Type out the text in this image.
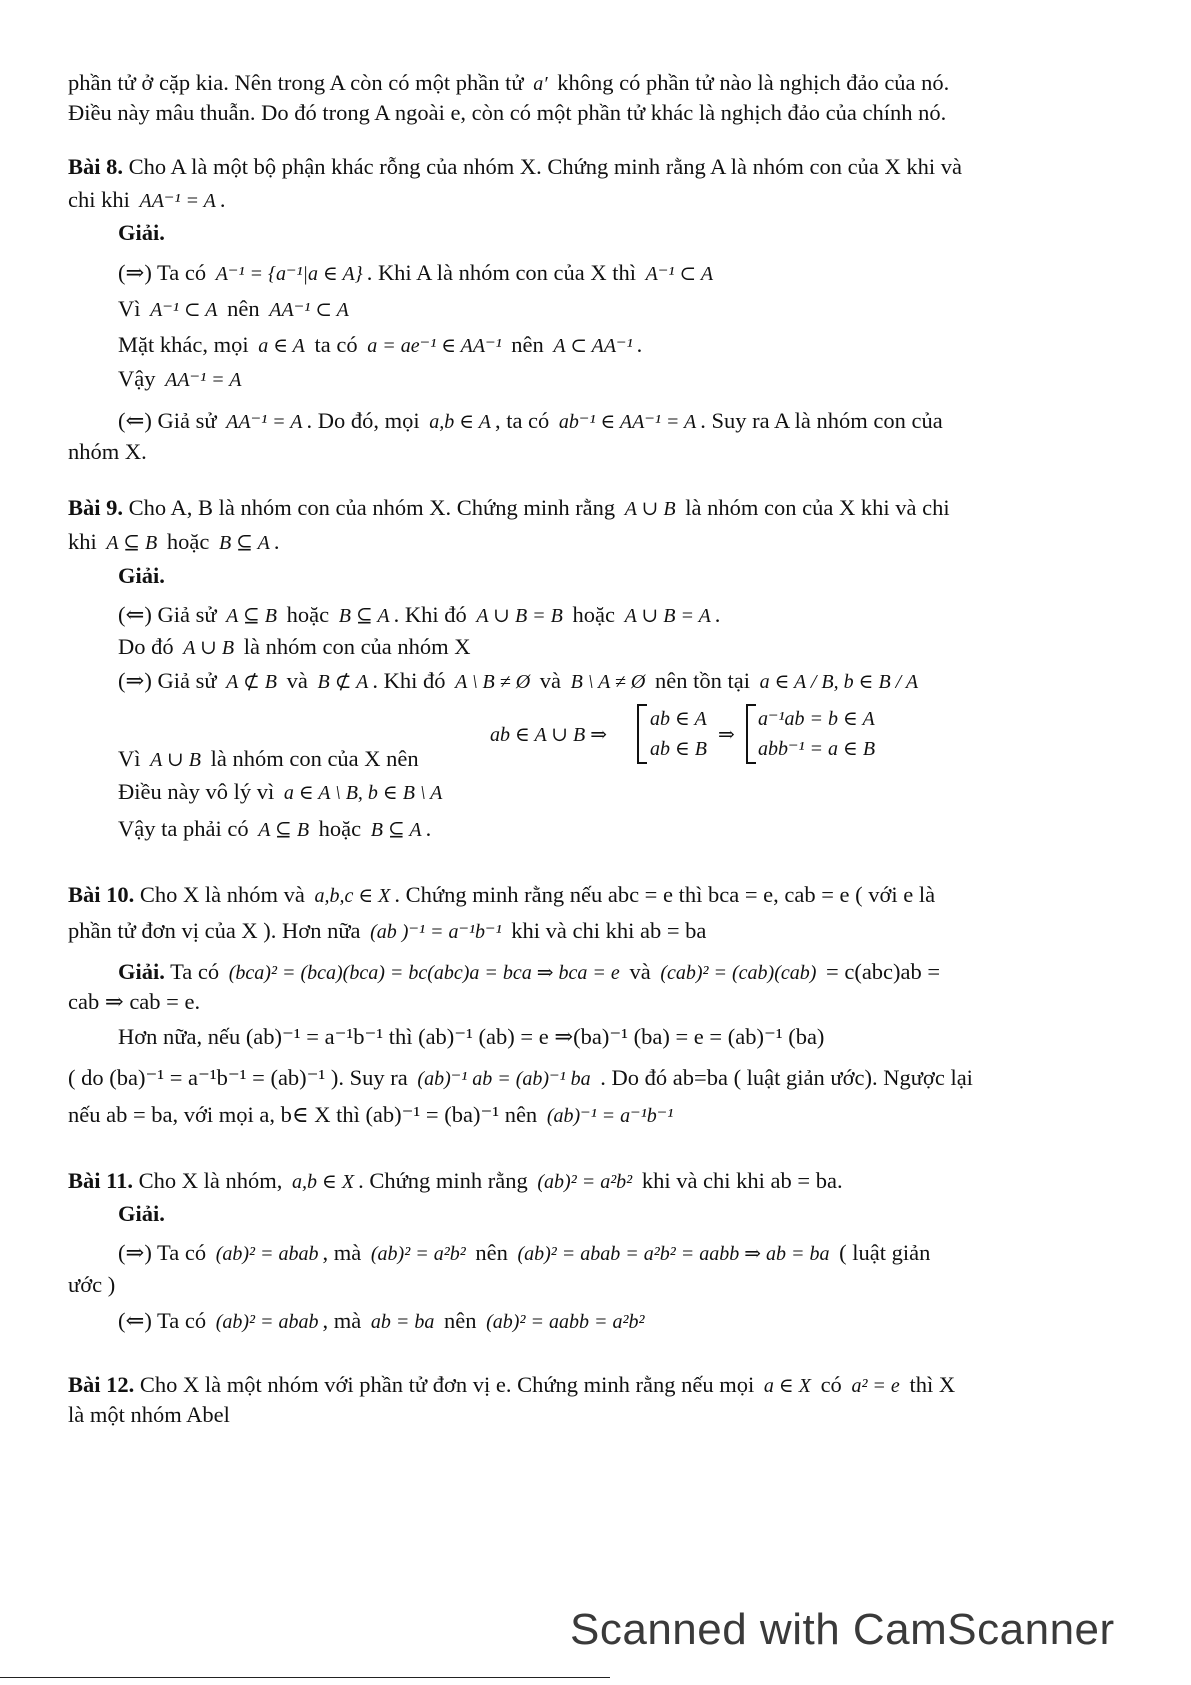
phần tử ở cặp kia. Nên trong A còn có một phần tử a′ không có phần tử nào là nghịch đảo của nó.
Điều này mâu thuẫn. Do đó trong A ngoài e, còn có một phần tử khác là nghịch đảo của chính nó.
Bài 8. Cho A là một bộ phận khác rỗng của nhóm X. Chứng minh rằng A là nhóm con của X khi và
chi khi AA⁻¹ = A .
Giải.
(⇒) Ta có A⁻¹ = {a⁻¹|a ∈ A} . Khi A là nhóm con của X thì A⁻¹ ⊂ A
Vì A⁻¹ ⊂ A nên AA⁻¹ ⊂ A
Mặt khác, mọi a ∈ A ta có a = ae⁻¹ ∈ AA⁻¹ nên A ⊂ AA⁻¹ .
Vậy AA⁻¹ = A
(⇐) Giả sử AA⁻¹ = A . Do đó, mọi a,b ∈ A , ta có ab⁻¹ ∈ AA⁻¹ = A . Suy ra A là nhóm con của
nhóm X.
Bài 9. Cho A, B là nhóm con của nhóm X. Chứng minh rằng A ∪ B là nhóm con của X khi và chi
khi A ⊆ B hoặc B ⊆ A .
Giải.
(⇐) Giả sử A ⊆ B hoặc B ⊆ A . Khi đó A ∪ B = B hoặc A ∪ B = A .
Do đó A ∪ B là nhóm con của nhóm X
(⇒) Giả sử A ⊄ B và B ⊄ A . Khi đó A \ B ≠ Ø và B \ A ≠ Ø nên tồn tại a ∈ A / B, b ∈ B / A
ab ∈ A ∪ B ⇒
ab ∈ A
ab ∈ B
⇒
a⁻¹ab = b ∈ A
abb⁻¹ = a ∈ B
Vì A ∪ B là nhóm con của X nên
Điều này vô lý vì a ∈ A \ B, b ∈ B \ A
Vậy ta phải có A ⊆ B hoặc B ⊆ A .
Bài 10. Cho X là nhóm và a,b,c ∈ X . Chứng minh rằng nếu abc = e thì bca = e, cab = e ( với e là
phần tử đơn vị của X ). Hơn nữa (ab )⁻¹ = a⁻¹b⁻¹ khi và chi khi ab = ba
Giải. Ta có (bca)² = (bca)(bca) = bc(abc)a = bca ⇒ bca = e và (cab)² = (cab)(cab) = c(abc)ab =
cab ⇒ cab = e.
Hơn nữa, nếu (ab)⁻¹ = a⁻¹b⁻¹ thì (ab)⁻¹ (ab) = e ⇒(ba)⁻¹ (ba) = e = (ab)⁻¹ (ba)
( do (ba)⁻¹ = a⁻¹b⁻¹ = (ab)⁻¹ ). Suy ra (ab)⁻¹ ab = (ab)⁻¹ ba . Do đó ab=ba ( luật giản ước). Ngược lại
nếu ab = ba, với mọi a, b∈ X thì (ab)⁻¹ = (ba)⁻¹ nên (ab)⁻¹ = a⁻¹b⁻¹
Bài 11. Cho X là nhóm, a,b ∈ X . Chứng minh rằng (ab)² = a²b² khi và chi khi ab = ba.
Giải.
(⇒) Ta có (ab)² = abab , mà (ab)² = a²b² nên (ab)² = abab = a²b² = aabb ⇒ ab = ba ( luật giản
ước )
(⇐) Ta có (ab)² = abab , mà ab = ba nên (ab)² = aabb = a²b²
Bài 12. Cho X là một nhóm với phần tử đơn vị e. Chứng minh rằng nếu mọi a ∈ X có a² = e thì X
là một nhóm Abel
Scanned with CamScanner
